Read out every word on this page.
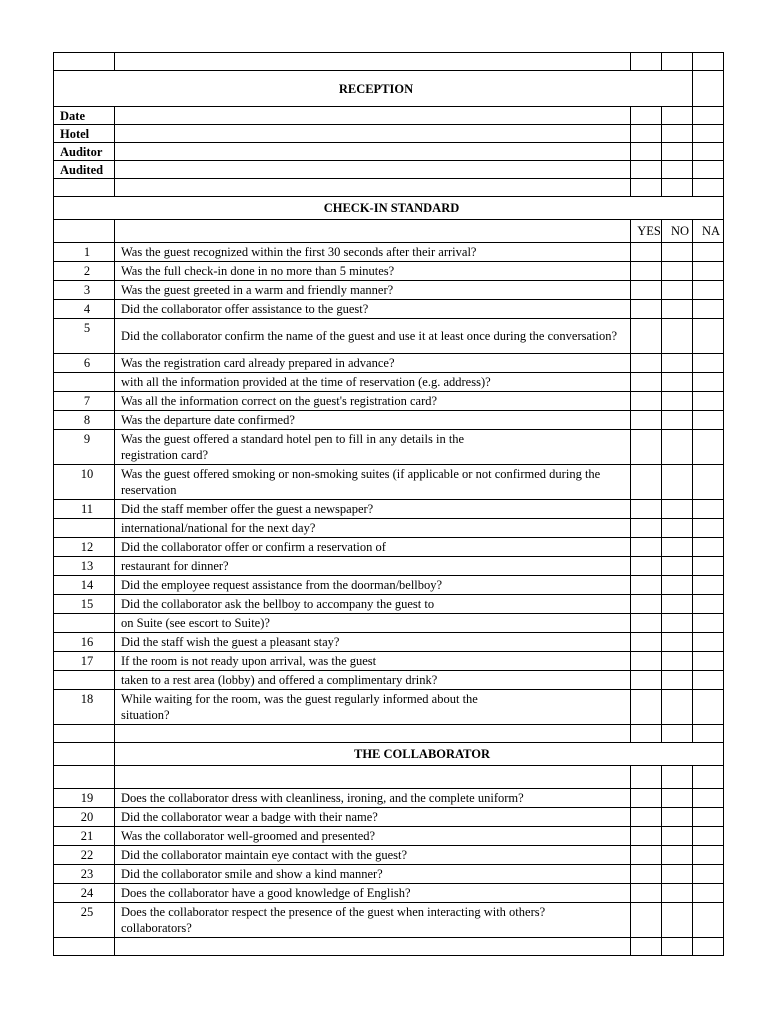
RECEPTION				
Date				
Hotel				
Auditor				
Audited				

CHECK-IN STANDARD				
		YES	NO	NA
1	Was the guest recognized within the first 30 seconds after their arrival?			
2	Was the full check-in done in no more than 5 minutes?			
3	Was the guest greeted in a warm and friendly manner?			
4	Did the collaborator offer assistance to the guest?			
5	Did the collaborator confirm the name of the guest and use it at least once during the conversation?			
6	Was the registration card already prepared in advance?			
	with all the information provided at the time of reservation (e.g. address)?			
7	Was all the information correct on the guest's registration card?			
8	Was the departure date confirmed?			
9	Was the guest offered a standard hotel pen to fill in any details in the registration card?			
10	Was the guest offered smoking or non-smoking suites (if applicable or not confirmed during the reservation			
11	Did the staff member offer the guest a newspaper?			
	international/national for the next day?			
12	Did the collaborator offer or confirm a reservation of			
13	restaurant for dinner?			
14	Did the employee request assistance from the doorman/bellboy?			
15	Did the collaborator ask the bellboy to accompany the guest to			
	on Suite (see escort to Suite)?			
16	Did the staff wish the guest a pleasant stay?			
17	If the room is not ready upon arrival, was the guest			
	taken to a rest area (lobby) and offered a complimentary drink?			
18	While waiting for the room, was the guest regularly informed about the situation?			

	THE COLLABORATOR			

19	Does the collaborator dress with cleanliness, ironing, and the complete uniform?			
20	Did the collaborator wear a badge with their name?			
21	Was the collaborator well-groomed and presented?			
22	Did the collaborator maintain eye contact with the guest?			
23	Did the collaborator smile and show a kind manner?			
24	Does the collaborator have a good knowledge of English?			
25	Does the collaborator respect the presence of the guest when interacting with others? collaborators?			
